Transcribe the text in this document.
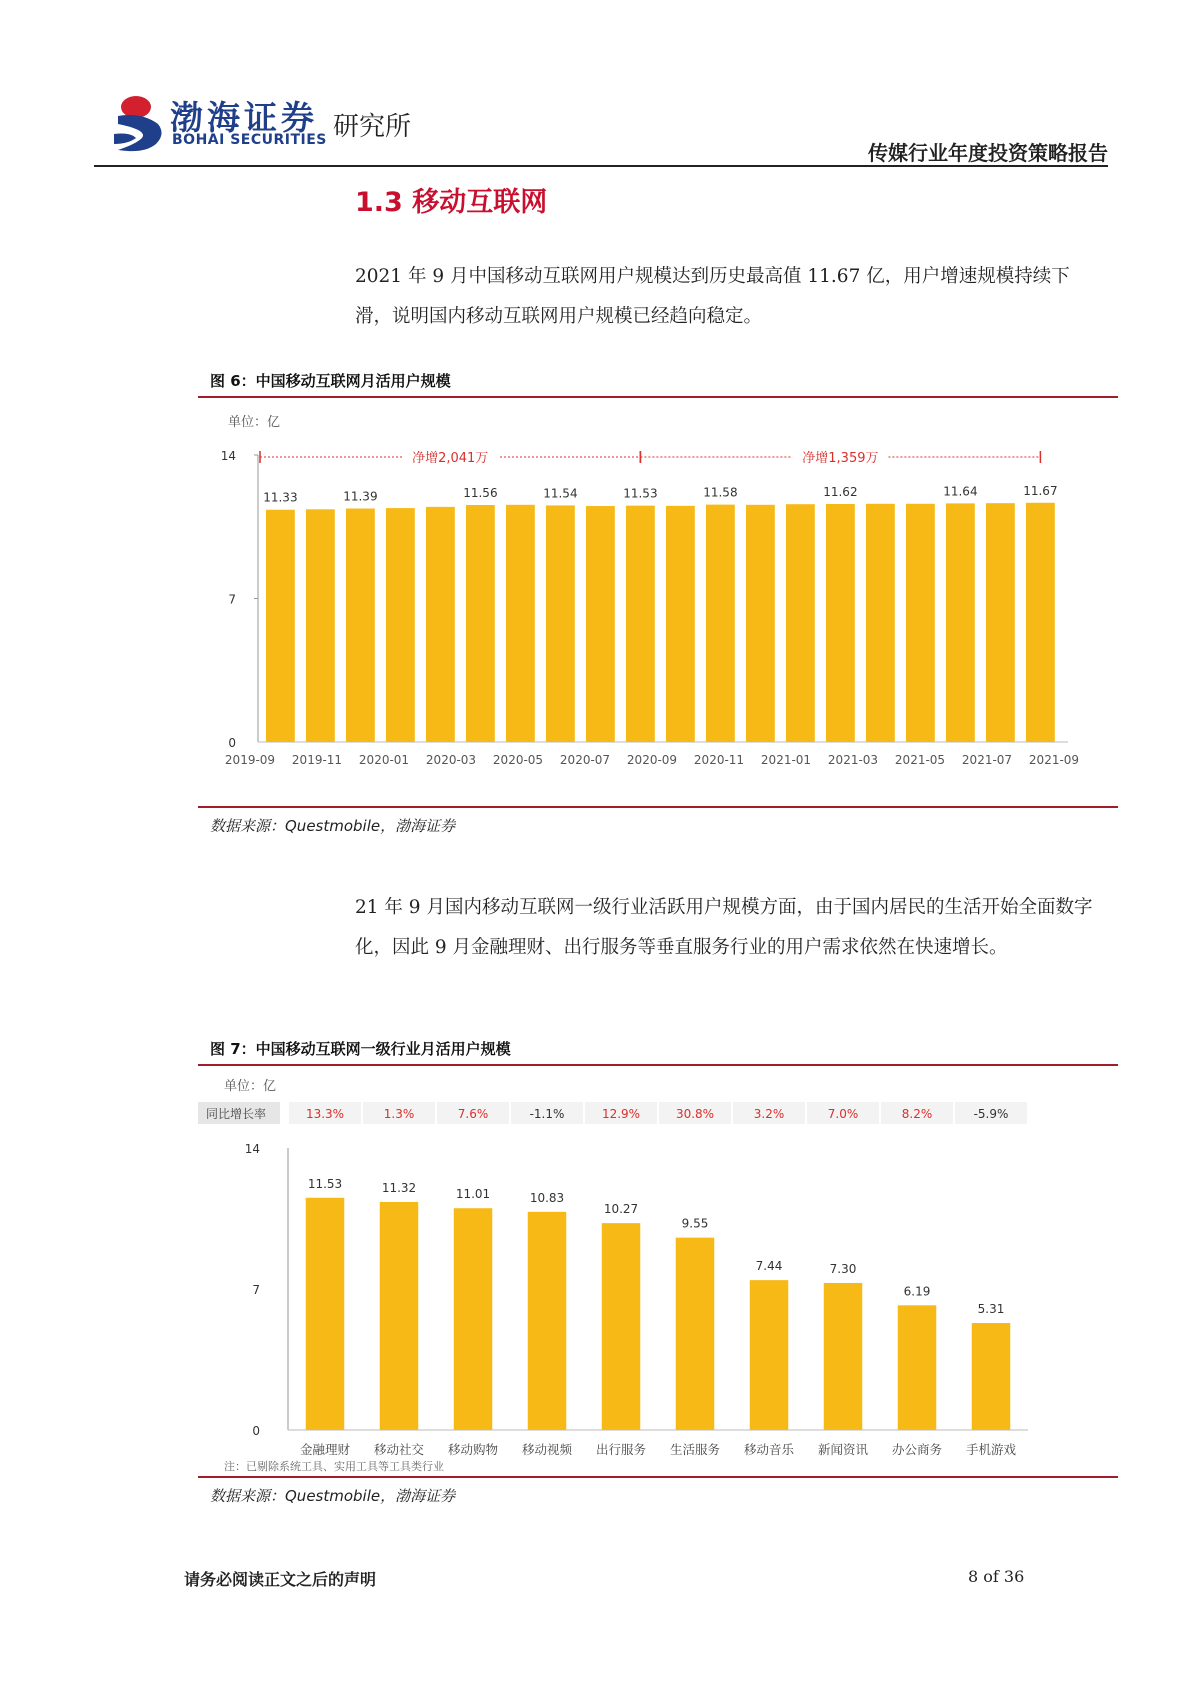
渤海证券
BOHAI SECURITIES 研究所
传媒行业年度投资策略报告
1.3 移动互联网
2021 年 9 月中国移动互联网用户规模达到历史最高值 11.67 亿，用户增速规模持续下滑，说明国内移动互联网用户规模已经趋向稳定。
图 6：中国移动互联网月活用户规模
单位：亿
0
7
14	净增2,041万	净增1,359万
11.33	11.39	11.56	11.54	11.53	11.58	11.62	11.64	11.67
2019-09 2019-11 2020-01 2020-03 2020-05 2020-07 2020-09 2020-11 2021-01 2021-03 2021-05 2021-07 2021-09
数据来源：Questmobile，渤海证券
21 年 9 月国内移动互联网一级行业活跃用户规模方面，由于国内居民的生活开始全面数字化，因此 9 月金融理财、出行服务等垂直服务行业的用户需求依然在快速增长。
图 7：中国移动互联网一级行业月活用户规模
单位：亿
同比增长率	13.3%	1.3%	7.6%	-1.1%	12.9%	30.8%	3.2%	7.0%	8.2%	-5.9%
0
7
14
11.53	11.32	11.01	10.83
10.27
9.55
7.44	7.30
6.19
5.31
金融理财 移动社交 移动购物 移动视频 出行服务 生活服务 移动音乐 新闻资讯 办公商务 手机游戏
注：已剔除系统工具、实用工具等工具类行业
数据来源：Questmobile，渤海证券
请务必阅读正文之后的声明	8 of 36
